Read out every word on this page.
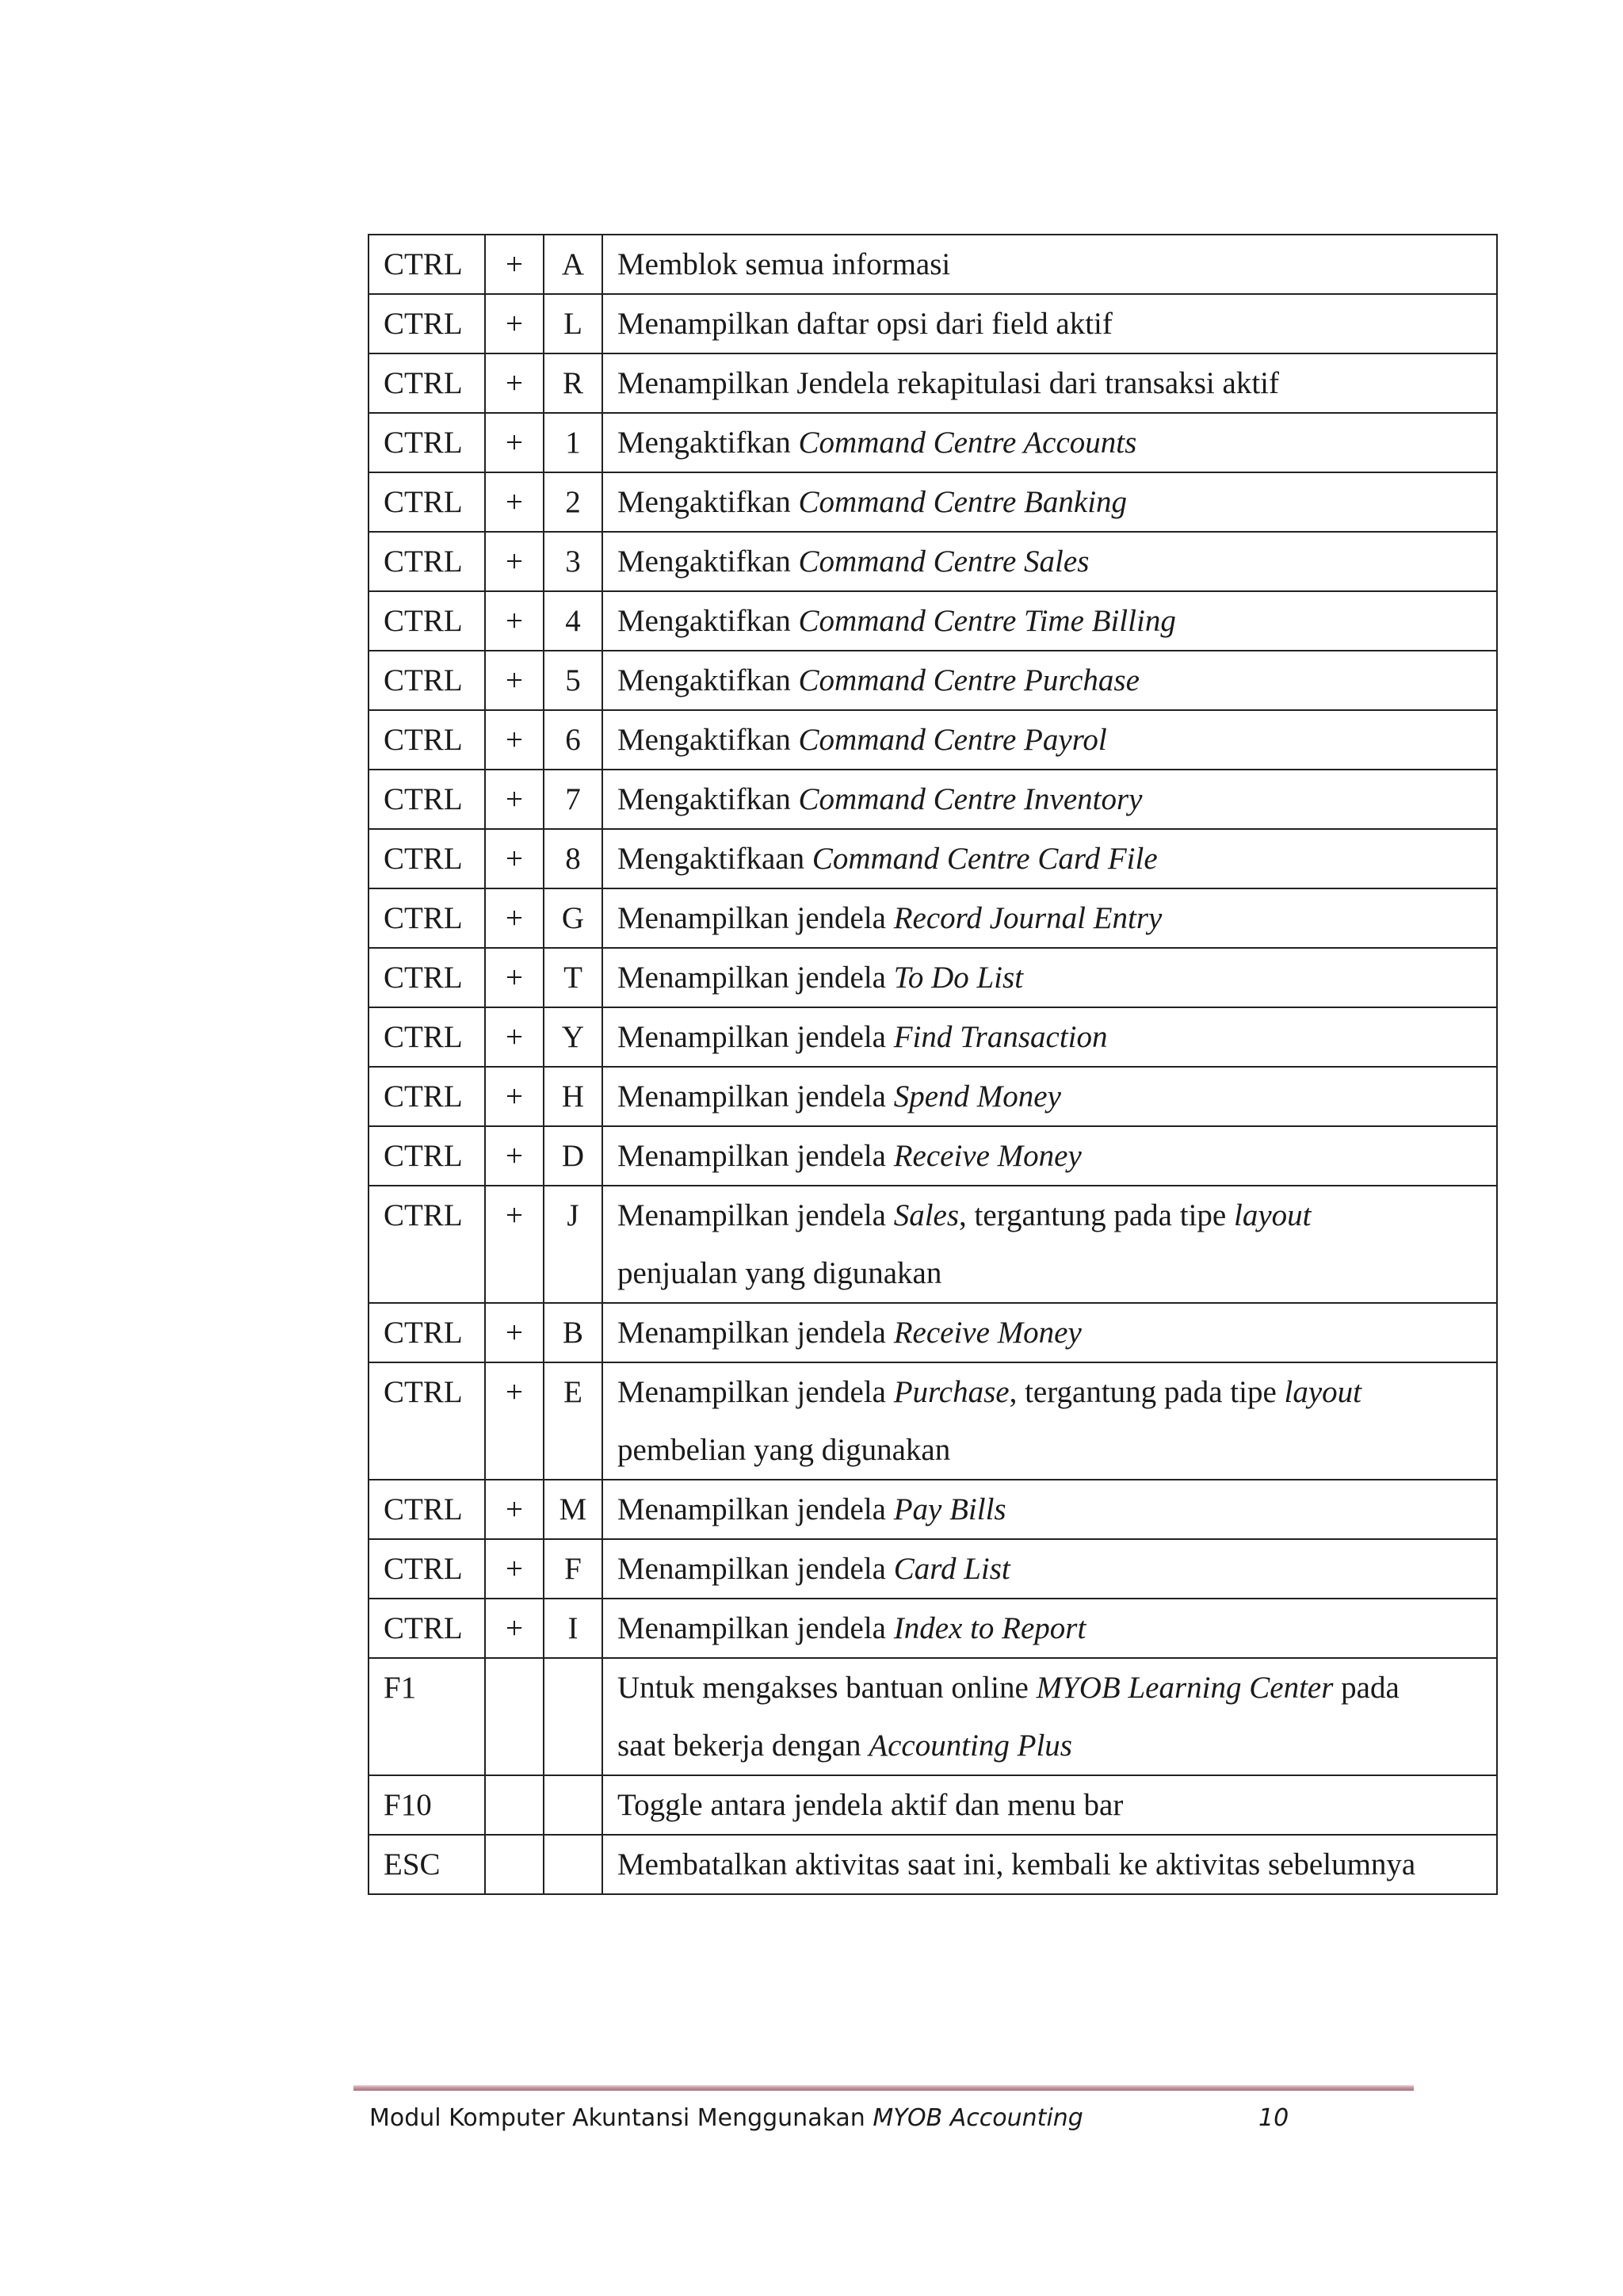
CTRL	+	A	Memblok semua informasi
CTRL	+	L	Menampilkan daftar opsi dari field aktif
CTRL	+	R	Menampilkan Jendela rekapitulasi dari transaksi aktif
CTRL	+	1	Mengaktifkan Command Centre Accounts
CTRL	+	2	Mengaktifkan Command Centre Banking
CTRL	+	3	Mengaktifkan Command Centre Sales
CTRL	+	4	Mengaktifkan Command Centre Time Billing
CTRL	+	5	Mengaktifkan Command Centre Purchase
CTRL	+	6	Mengaktifkan Command Centre Payrol
CTRL	+	7	Mengaktifkan Command Centre Inventory
CTRL	+	8	Mengaktifkaan Command Centre Card File
CTRL	+	G	Menampilkan jendela Record Journal Entry
CTRL	+	T	Menampilkan jendela To Do List
CTRL	+	Y	Menampilkan jendela Find Transaction
CTRL	+	H	Menampilkan jendela Spend Money
CTRL	+	D	Menampilkan jendela Receive Money
CTRL	+	J	Menampilkan jendela Sales, tergantung pada tipe layout
penjualan yang digunakan
CTRL	+	B	Menampilkan jendela Receive Money
CTRL	+	E	Menampilkan jendela Purchase, tergantung pada tipe layout
pembelian yang digunakan
CTRL	+	M	Menampilkan jendela Pay Bills
CTRL	+	F	Menampilkan jendela Card List
CTRL	+	I	Menampilkan jendela Index to Report
F1			Untuk mengakses bantuan online MYOB Learning Center pada
saat bekerja dengan Accounting Plus
F10			Toggle antara jendela aktif dan menu bar
ESC			Membatalkan aktivitas saat ini, kembali ke aktivitas sebelumnya
Modul Komputer Akuntansi Menggunakan MYOB Accounting	10
